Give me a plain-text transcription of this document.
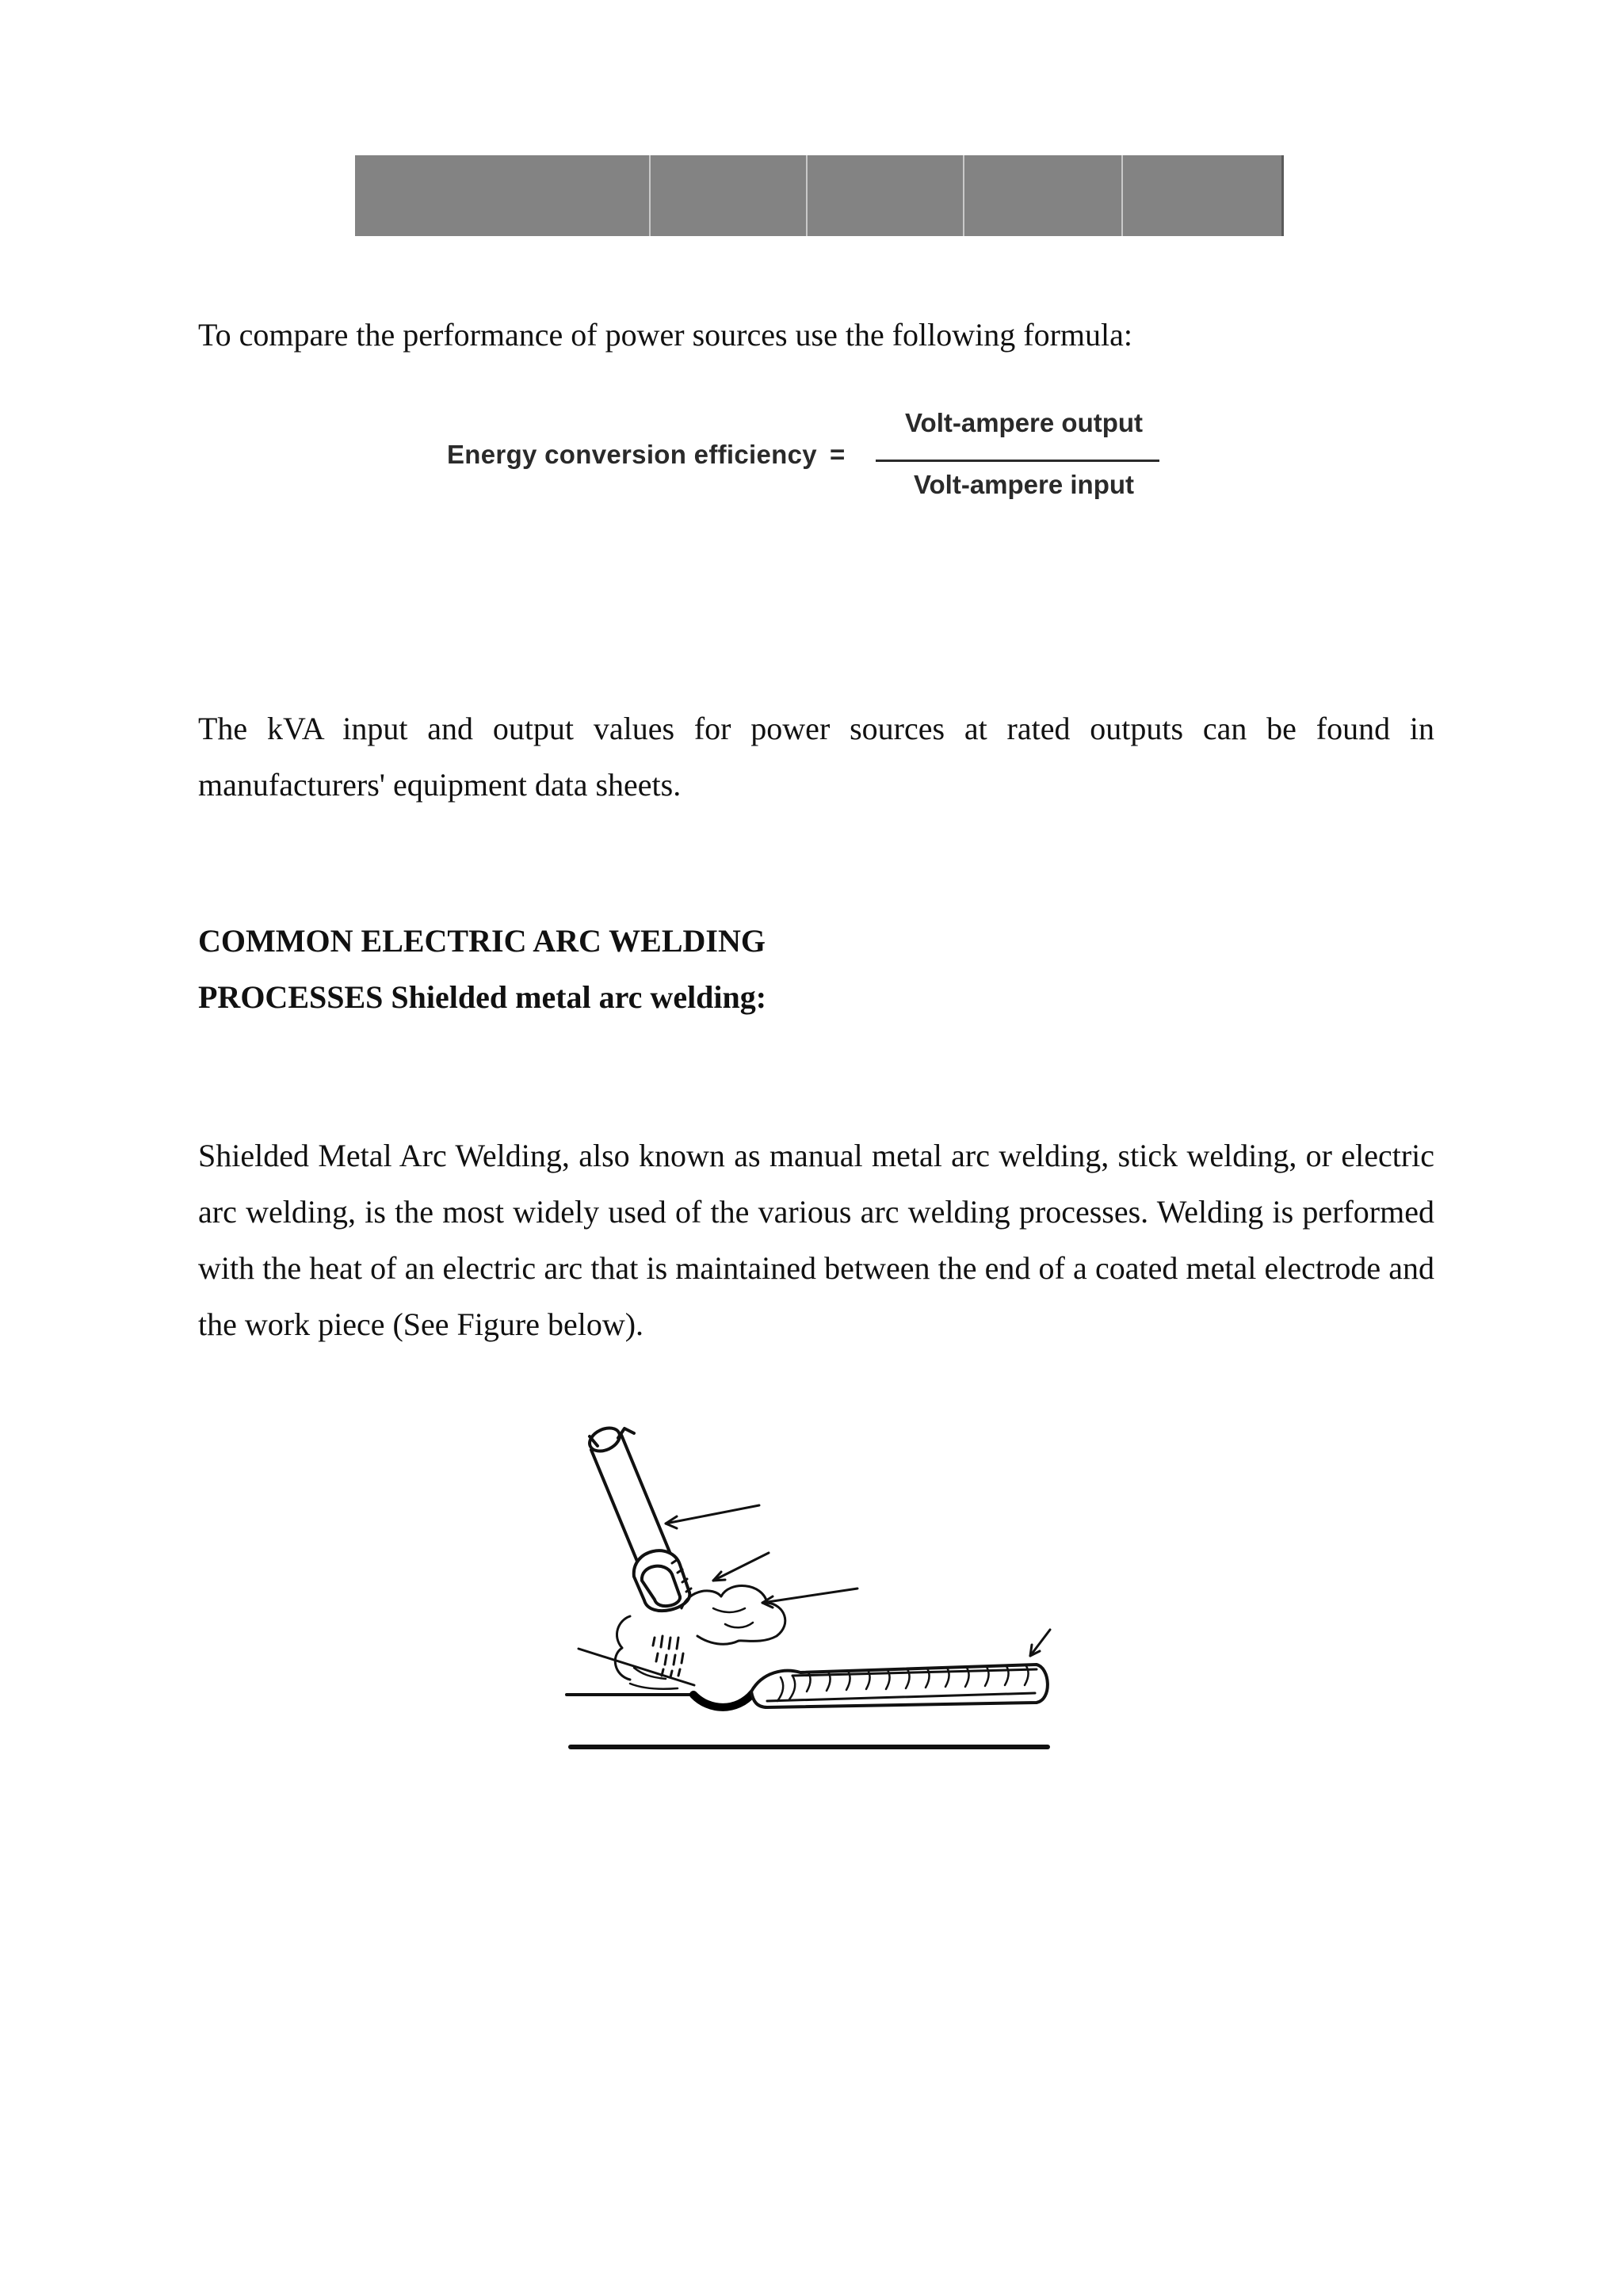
To compare the performance of power sources use the following formula:

Energy conversion efficiency =
Volt-ampere output
Volt-ampere input

The kVA input and output values for power sources at rated outputs can be found in manufacturers' equipment data sheets.

COMMON ELECTRIC ARC WELDING

PROCESSES Shielded metal arc welding:

Shielded Metal Arc Welding, also known as manual metal arc welding, stick welding, or electric arc welding, is the most widely used of the various arc welding processes. Welding is performed with the heat of an electric arc that is maintained between the end of a coated metal electrode and the work piece (See Figure below).
